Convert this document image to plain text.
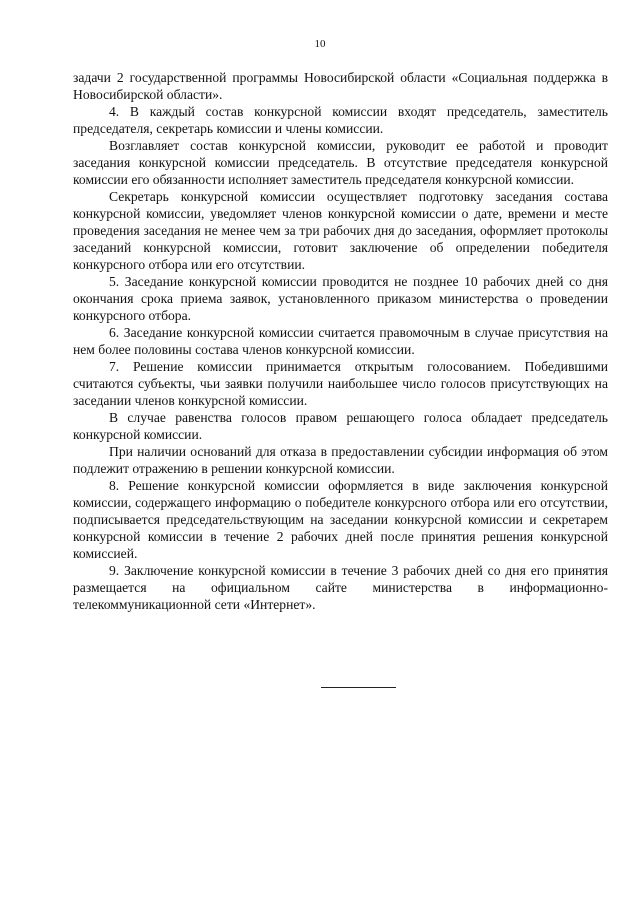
10

задачи 2 государственной программы Новосибирской области «Социальная поддержка в Новосибирской области».

4. В каждый состав конкурсной комиссии входят председатель, заместитель председателя, секретарь комиссии и члены комиссии.

Возглавляет состав конкурсной комиссии, руководит ее работой и проводит заседания конкурсной комиссии председатель. В отсутствие председателя конкурсной комиссии его обязанности исполняет заместитель председателя конкурсной комиссии.

Секретарь конкурсной комиссии осуществляет подготовку заседания состава конкурсной комиссии, уведомляет членов конкурсной комиссии о дате, времени и месте проведения заседания не менее чем за три рабочих дня до заседания, оформляет протоколы заседаний конкурсной комиссии, готовит заключение об определении победителя конкурсного отбора или его отсутствии.

5. Заседание конкурсной комиссии проводится не позднее 10 рабочих дней со дня окончания срока приема заявок, установленного приказом министерства о проведении конкурсного отбора.

6. Заседание конкурсной комиссии считается правомочным в случае присутствия на нем более половины состава членов конкурсной комиссии.

7. Решение комиссии принимается открытым голосованием. Победившими считаются субъекты, чьи заявки получили наибольшее число голосов присутствующих на заседании членов конкурсной комиссии.

В случае равенства голосов правом решающего голоса обладает председатель конкурсной комиссии.

При наличии оснований для отказа в предоставлении субсидии информация об этом подлежит отражению в решении конкурсной комиссии.

8. Решение конкурсной комиссии оформляется в виде заключения конкурсной комиссии, содержащего информацию о победителе конкурсного отбора или его отсутствии, подписывается председательствующим на заседании конкурсной комиссии и секретарем конкурсной комиссии в течение 2 рабочих дней после принятия решения конкурсной комиссией.

9. Заключение конкурсной комиссии в течение 3 рабочих дней со дня его принятия размещается на официальном сайте министерства в информационно-телекоммуникационной сети «Интернет».
